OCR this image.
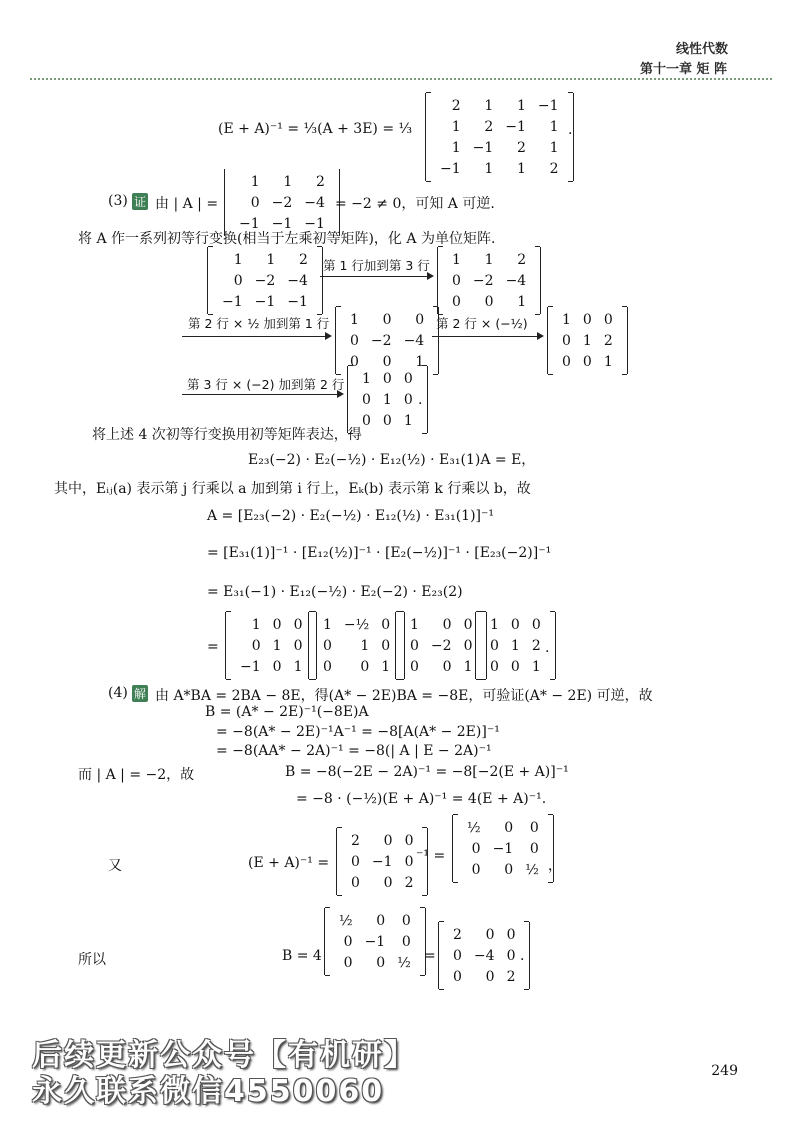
线性代数
第十一章 矩 阵
(E + A)⁻¹ = ⅓(A + 3E) = ⅓
2	1	1	−1
1	2	−1	1
1	−1	2	1
−1	1	1	2
.
(3) 证 由 | A | =
1	1	2
0	−2	−4
−1	−1	−1
= −2 ≠ 0，可知 A 可逆.
将 A 作一系列初等行变换(相当于左乘初等矩阵)，化 A 为单位矩阵.
1	1	2
0	−2	−4
−1	−1	−1
第 1 行加到第 3 行 1	1	2
0	−2	−4
0	0	1
第 2 行 × ½ 加到第 1 行 1	0	0
0	−2	−4
0	0	1
第 2 行 × (−½) 1	0	0
0	1	2
0	0	1
第 3 行 × (−2) 加到第 2 行 1	0	0
0	1	0
0	0	1
.
将上述 4 次初等行变换用初等矩阵表达，得
E₂₃(−2) · E₂(−½) · E₁₂(½) · E₃₁(1)A = E，
其中，Eᵢⱼ(a) 表示第 j 行乘以 a 加到第 i 行上，Eₖ(b) 表示第 k 行乘以 b，故
A = [E₂₃(−2) · E₂(−½) · E₁₂(½) · E₃₁(1)]⁻¹
= [E₃₁(1)]⁻¹ · [E₁₂(½)]⁻¹ · [E₂(−½)]⁻¹ · [E₂₃(−2)]⁻¹
= E₃₁(−1) · E₁₂(−½) · E₂(−2) · E₂₃(2)
=
1	0	0
0	1	0
−1	0	1
1	−½	0
0	1	0
0	0	1
1	0	0
0	−2	0
0	0	1
1	0	0
0	1	2
0	0	1
.
(4) 解 由 A*BA = 2BA − 8E，得(A* − 2E)BA = −8E，可验证(A* − 2E) 可逆，故
B = (A* − 2E)⁻¹(−8E)A
= −8(A* − 2E)⁻¹A⁻¹ = −8[A(A* − 2E)]⁻¹
= −8(AA* − 2A)⁻¹ = −8(| A | E − 2A)⁻¹
而 | A | = −2，故	B = −8(−2E − 2A)⁻¹ = −8[−2(E + A)]⁻¹
= −8 · (−½)(E + A)⁻¹ = 4(E + A)⁻¹.
又	(E + A)⁻¹ =
2	0	0
0	−1	0
0	0	2
⁻¹ =
½	0	0
0	−1	0
0	0	½ ，
所以	B = 4
½	0	0
0	−1	0
0	0	½ =
2	0	0
0	−4	0
0	0	2
.
后续更新公众号【有机研】
永久联系微信4550060
249
